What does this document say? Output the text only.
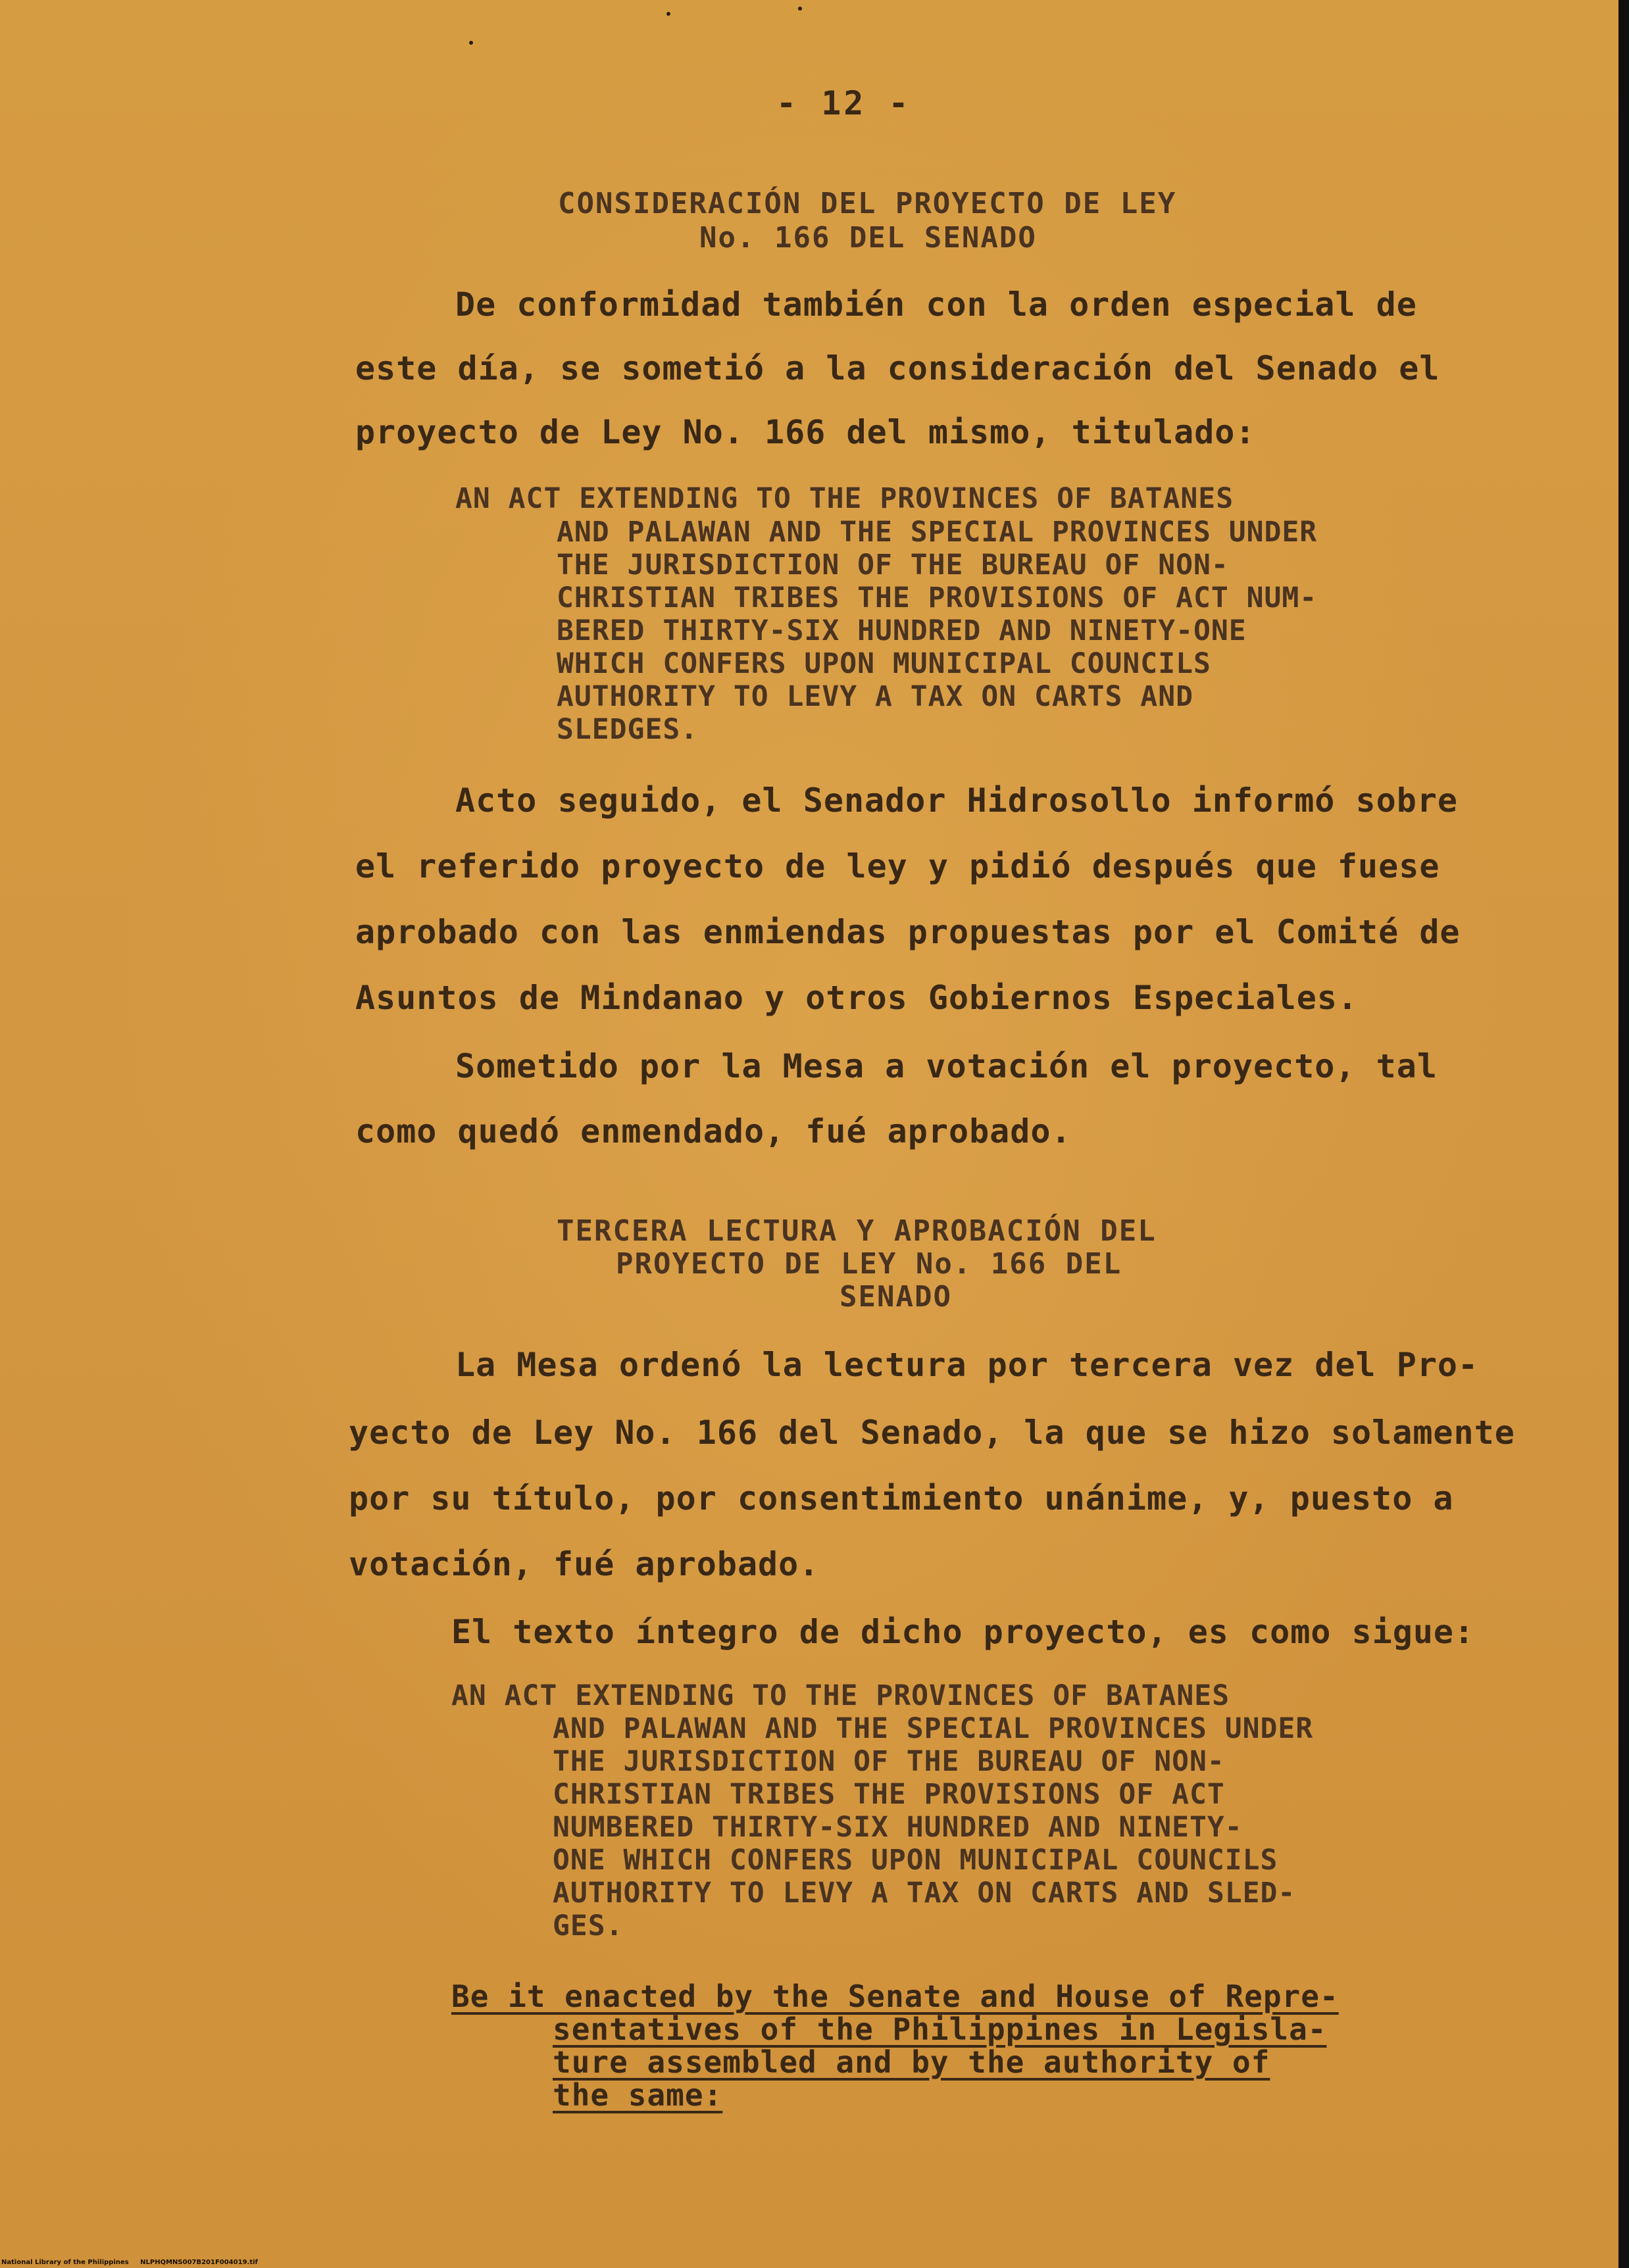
- 12 -
CONSIDERACIÓN DEL PROYECTO DE LEY
No. 166 DEL SENADO
De conformidad también con la orden especial de
este día, se sometió a la consideración del Senado el
proyecto de Ley No. 166 del mismo, titulado:
AN ACT EXTENDING TO THE PROVINCES OF BATANES
AND PALAWAN AND THE SPECIAL PROVINCES UNDER
THE JURISDICTION OF THE BUREAU OF NON-
CHRISTIAN TRIBES THE PROVISIONS OF ACT NUM-
BERED THIRTY-SIX HUNDRED AND NINETY-ONE
WHICH CONFERS UPON MUNICIPAL COUNCILS
AUTHORITY TO LEVY A TAX ON CARTS AND
SLEDGES.
Acto seguido, el Senador Hidrosollo informó sobre
el referido proyecto de ley y pidió después que fuese
aprobado con las enmiendas propuestas por el Comité de
Asuntos de Mindanao y otros Gobiernos Especiales.
Sometido por la Mesa a votación el proyecto, tal
como quedó enmendado, fué aprobado.
TERCERA LECTURA Y APROBACIÓN DEL
PROYECTO DE LEY No. 166 DEL
SENADO
La Mesa ordenó la lectura por tercera vez del Pro-
yecto de Ley No. 166 del Senado, la que se hizo solamente
por su título, por consentimiento unánime, y, puesto a
votación, fué aprobado.
El texto íntegro de dicho proyecto, es como sigue:
AN ACT EXTENDING TO THE PROVINCES OF BATANES
AND PALAWAN AND THE SPECIAL PROVINCES UNDER
THE JURISDICTION OF THE BUREAU OF NON-
CHRISTIAN TRIBES THE PROVISIONS OF ACT
NUMBERED THIRTY-SIX HUNDRED AND NINETY-
ONE WHICH CONFERS UPON MUNICIPAL COUNCILS
AUTHORITY TO LEVY A TAX ON CARTS AND SLED-
GES.
Be it enacted by the Senate and House of Repre-
sentatives of the Philippines in Legisla-
ture assembled and by the authority of
the same:
National Library of the Philippines     NLPHQMNS007B201F004019.tif
